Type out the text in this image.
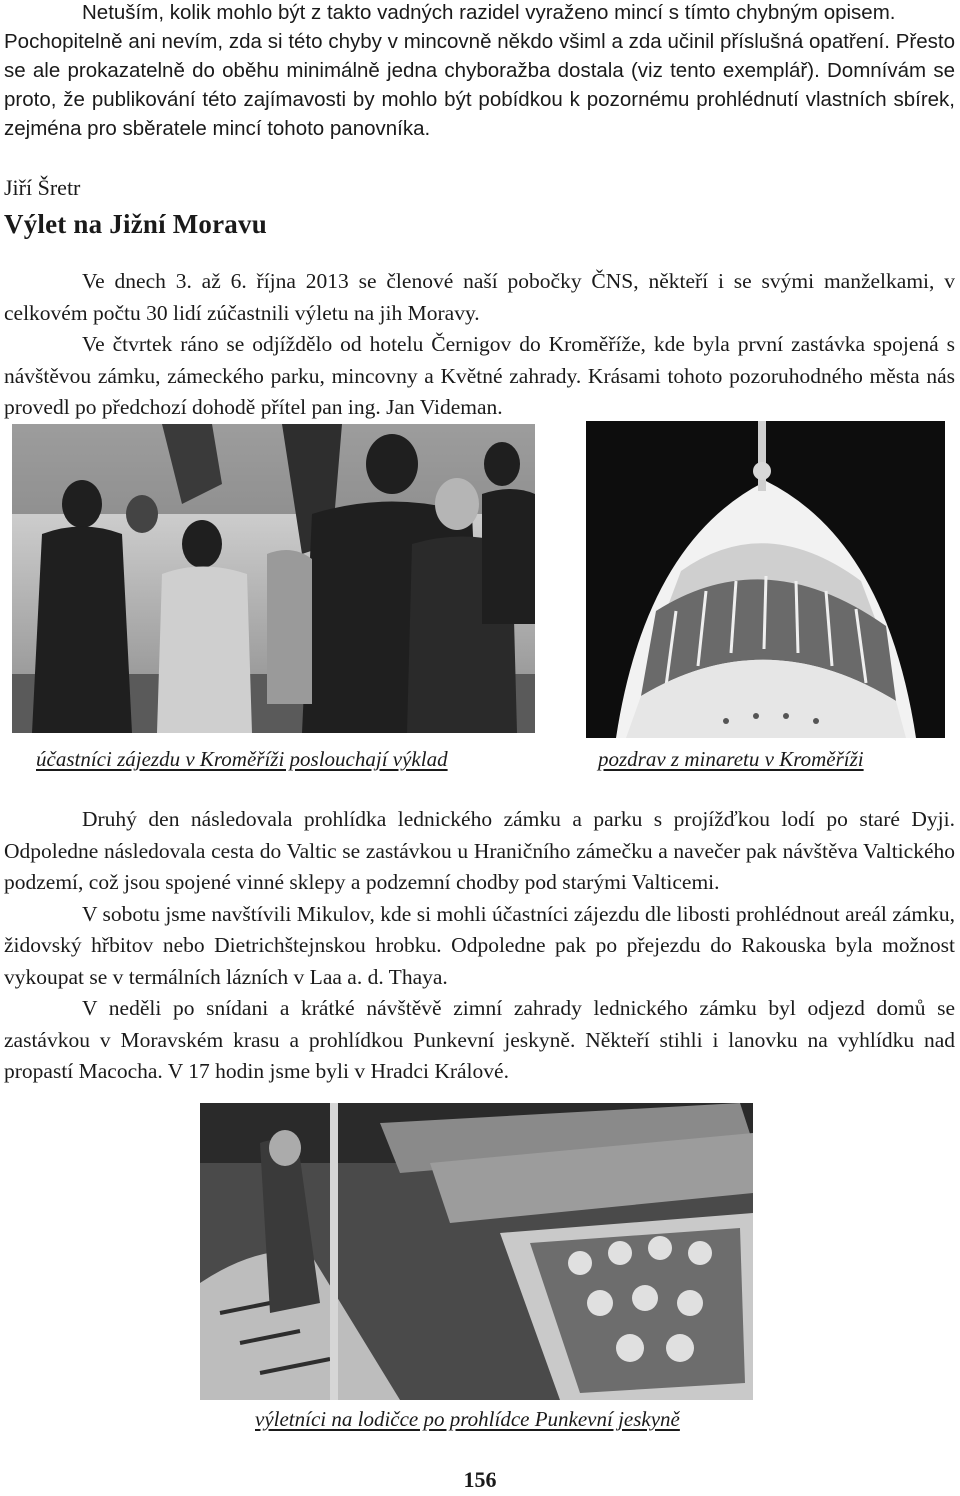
Netuším, kolik mohlo být z takto vadných razidel vyraženo mincí s tímto chybným opisem.

Pochopitelně ani nevím, zda si této chyby v mincovně někdo všiml a zda učinil příslušná opatření. Přesto se ale prokazatelně do oběhu minimálně jedna chyboražba dostala (viz tento exemplář). Domnívám se proto, že publikování této zajímavosti by mohlo být pobídkou k pozornému prohlédnutí vlastních sbírek, zejména pro sběratele mincí tohoto panovníka.

Jiří Šretr

Výlet na Jižní Moravu

Ve dnech 3. až 6. října 2013 se členové naší pobočky ČNS, někteří i se svými manželkami, v celkovém počtu 30 lidí zúčastnili výletu na jih Moravy.

Ve čtvrtek ráno se odjíždělo od hotelu Černigov do Kroměříže, kde byla první zastávka spojená s návštěvou zámku, zámeckého parku, mincovny a Květné zahrady. Krásami tohoto pozoruhodného města nás provedl po předchozí dohodě přítel pan ing. Jan Videman.

účastníci zájezdu v Kroměříži poslouchají výklad	pozdrav z minaretu v Kroměříži

Druhý den následovala prohlídka lednického zámku a parku s projížďkou lodí po staré Dyji. Odpoledne následovala cesta do Valtic se zastávkou u Hraničního zámečku a navečer pak návštěva Valtického podzemí, což jsou spojené vinné sklepy a podzemní chodby pod starými Valticemi.

V sobotu jsme navštívili Mikulov, kde si mohli účastníci zájezdu dle libosti prohlédnout areál zámku, židovský hřbitov nebo Dietrichštejnskou hrobku. Odpoledne pak po přejezdu do Rakouska byla možnost vykoupat se v termálních lázních v Laa a. d. Thaya.

V neděli po snídani a krátké návštěvě zimní zahrady lednického zámku byl odjezd domů se zastávkou v Moravském krasu a prohlídkou Punkevní jeskyně. Někteří stihli i lanovku na vyhlídku nad propastí Macocha. V 17 hodin jsme byli v Hradci Králové.

výletníci na lodičce po prohlídce Punkevní jeskyně

156
